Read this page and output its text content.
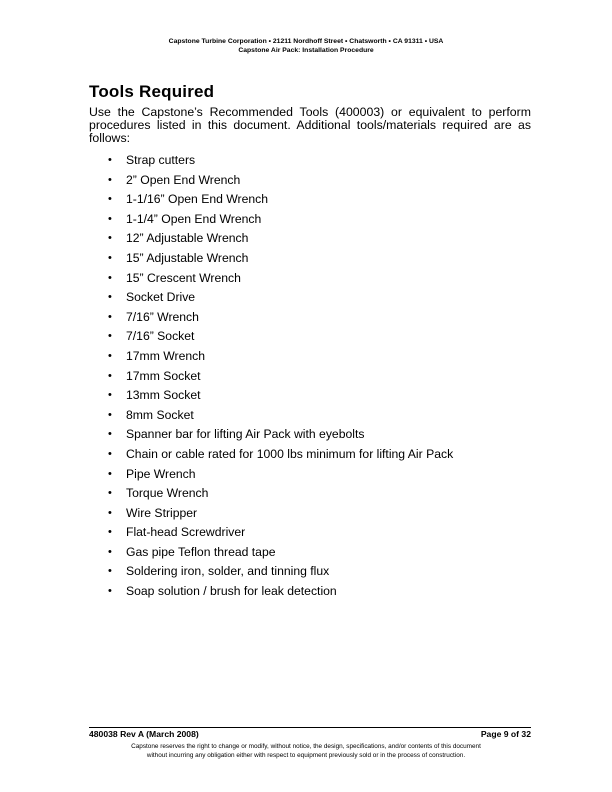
Capstone Turbine Corporation • 21211 Nordhoff Street • Chatsworth • CA 91311 • USA
Capstone Air Pack: Installation Procedure
Tools Required

Use the Capstone’s Recommended Tools (400003) or equivalent to perform procedures listed in this document. Additional tools/materials required are as follows:

• Strap cutters
• 2” Open End Wrench
• 1-1/16” Open End Wrench
• 1-1/4” Open End Wrench
• 12” Adjustable Wrench
• 15” Adjustable Wrench
• 15” Crescent Wrench
• Socket Drive
• 7/16” Wrench
• 7/16” Socket
• 17mm Wrench
• 17mm Socket
• 13mm Socket
• 8mm Socket
• Spanner bar for lifting Air Pack with eyebolts
• Chain or cable rated for 1000 lbs minimum for lifting Air Pack
• Pipe Wrench
• Torque Wrench
• Wire Stripper
• Flat-head Screwdriver
• Gas pipe Teflon thread tape
• Soldering iron, solder, and tinning flux
• Soap solution / brush for leak detection
480038 Rev A (March 2008)	Page 9 of 32
Capstone reserves the right to change or modify, without notice, the design, specifications, and/or contents of this document
without incurring any obligation either with respect to equipment previously sold or in the process of construction.
